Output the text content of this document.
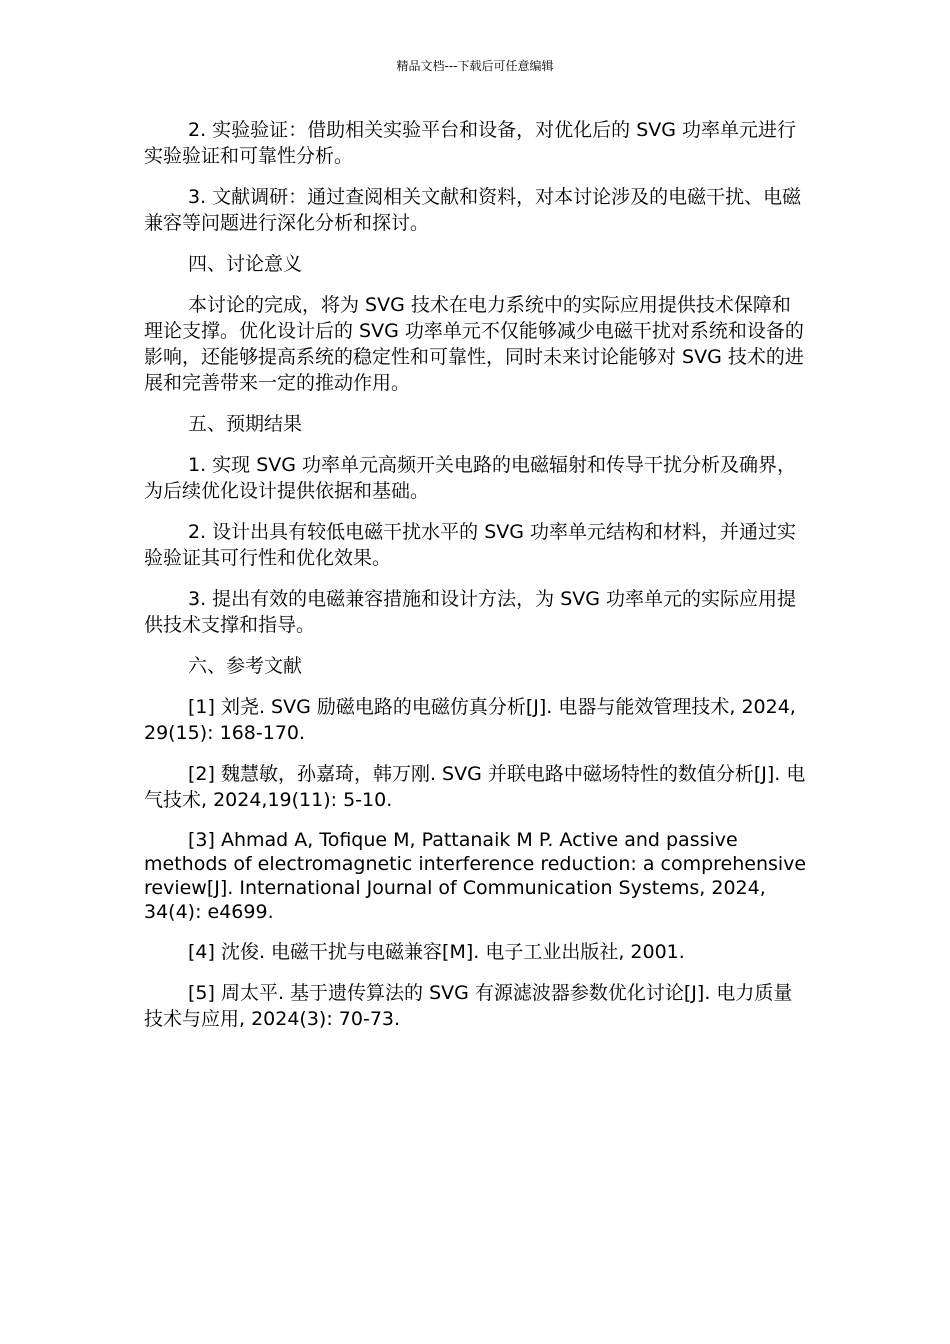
精品文档---下载后可任意编辑

2. 实验验证：借助相关实验平台和设备，对优化后的 SVG 功率单元进行实验验证和可靠性分析。

3. 文献调研：通过查阅相关文献和资料，对本讨论涉及的电磁干扰、电磁兼容等问题进行深化分析和探讨。

四、讨论意义

本讨论的完成，将为 SVG 技术在电力系统中的实际应用提供技术保障和理论支撑。优化设计后的 SVG 功率单元不仅能够减少电磁干扰对系统和设备的影响，还能够提高系统的稳定性和可靠性，同时未来讨论能够对 SVG 技术的进展和完善带来一定的推动作用。

五、预期结果

1. 实现 SVG 功率单元高频开关电路的电磁辐射和传导干扰分析及确界，为后续优化设计提供依据和基础。

2. 设计出具有较低电磁干扰水平的 SVG 功率单元结构和材料，并通过实验验证其可行性和优化效果。

3. 提出有效的电磁兼容措施和设计方法，为 SVG 功率单元的实际应用提供技术支撑和指导。

六、参考文献

[1] 刘尧. SVG 励磁电路的电磁仿真分析[J]. 电器与能效管理技术, 2024, 29(15): 168-170.

[2] 魏慧敏，孙嘉琦，韩万刚. SVG 并联电路中磁场特性的数值分析[J]. 电气技术, 2024,19(11): 5-10.

[3] Ahmad A, Tofique M, Pattanaik M P. Active and passive methods of electromagnetic interference reduction: a comprehensive review[J]. International Journal of Communication Systems, 2024, 34(4): e4699.

[4] 沈俊. 电磁干扰与电磁兼容[M]. 电子工业出版社, 2001.

[5] 周太平. 基于遗传算法的 SVG 有源滤波器参数优化讨论[J]. 电力质量技术与应用, 2024(3): 70-73.
